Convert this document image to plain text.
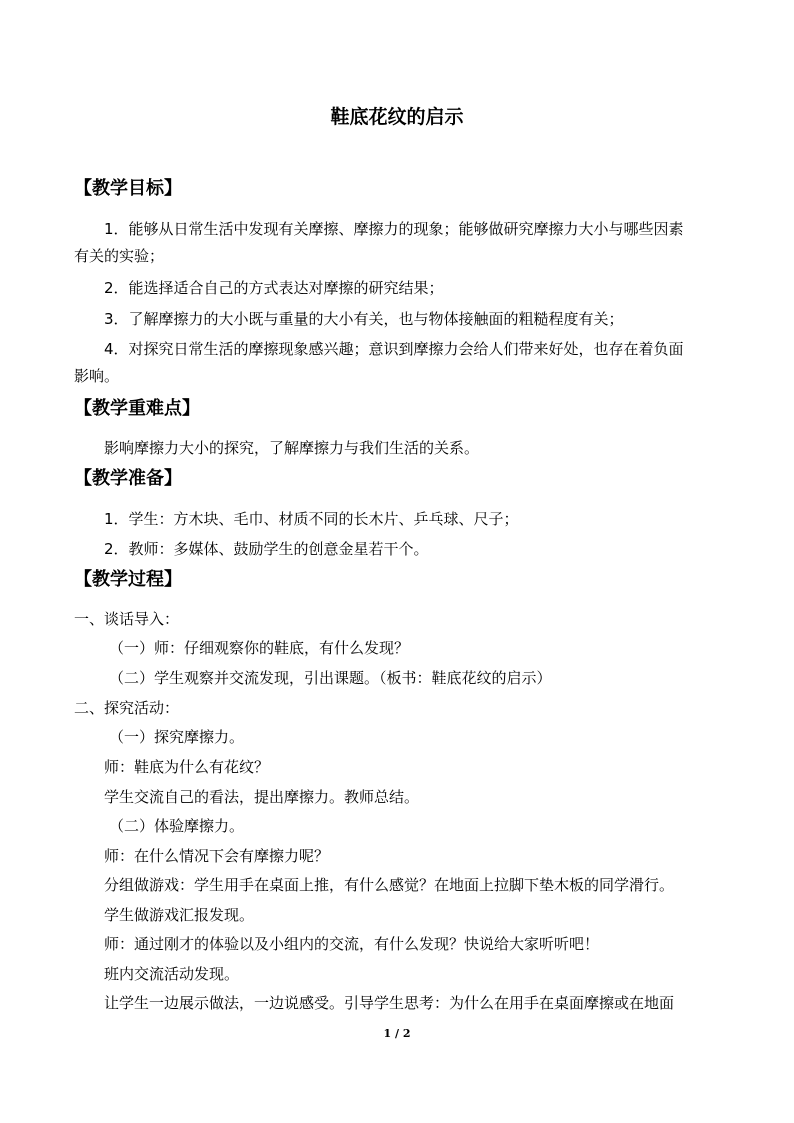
鞋底花纹的启示
【教学目标】
1．能够从日常生活中发现有关摩擦、摩擦力的现象；能够做研究摩擦力大小与哪些因素
有关的实验；
2．能选择适合自己的方式表达对摩擦的研究结果；
3．了解摩擦力的大小既与重量的大小有关，也与物体接触面的粗糙程度有关；
4．对探究日常生活的摩擦现象感兴趣；意识到摩擦力会给人们带来好处，也存在着负面
影响。
【教学重难点】
影响摩擦力大小的探究，了解摩擦力与我们生活的关系。
【教学准备】
1．学生：方木块、毛巾、材质不同的长木片、乒乓球、尺子；
2．教师：多媒体、鼓励学生的创意金星若干个。
【教学过程】
一、谈话导入：
（一）师：仔细观察你的鞋底，有什么发现？
（二）学生观察并交流发现，引出课题。（板书：鞋底花纹的启示）
二、探究活动：
（一）探究摩擦力。
师：鞋底为什么有花纹？
学生交流自己的看法，提出摩擦力。教师总结。
（二）体验摩擦力。
师：在什么情况下会有摩擦力呢？
分组做游戏：学生用手在桌面上推，有什么感觉？在地面上拉脚下垫木板的同学滑行。
学生做游戏汇报发现。
师：通过刚才的体验以及小组内的交流，有什么发现？快说给大家听听吧！
班内交流活动发现。
让学生一边展示做法，一边说感受。引导学生思考：为什么在用手在桌面摩擦或在地面
1 / 2
